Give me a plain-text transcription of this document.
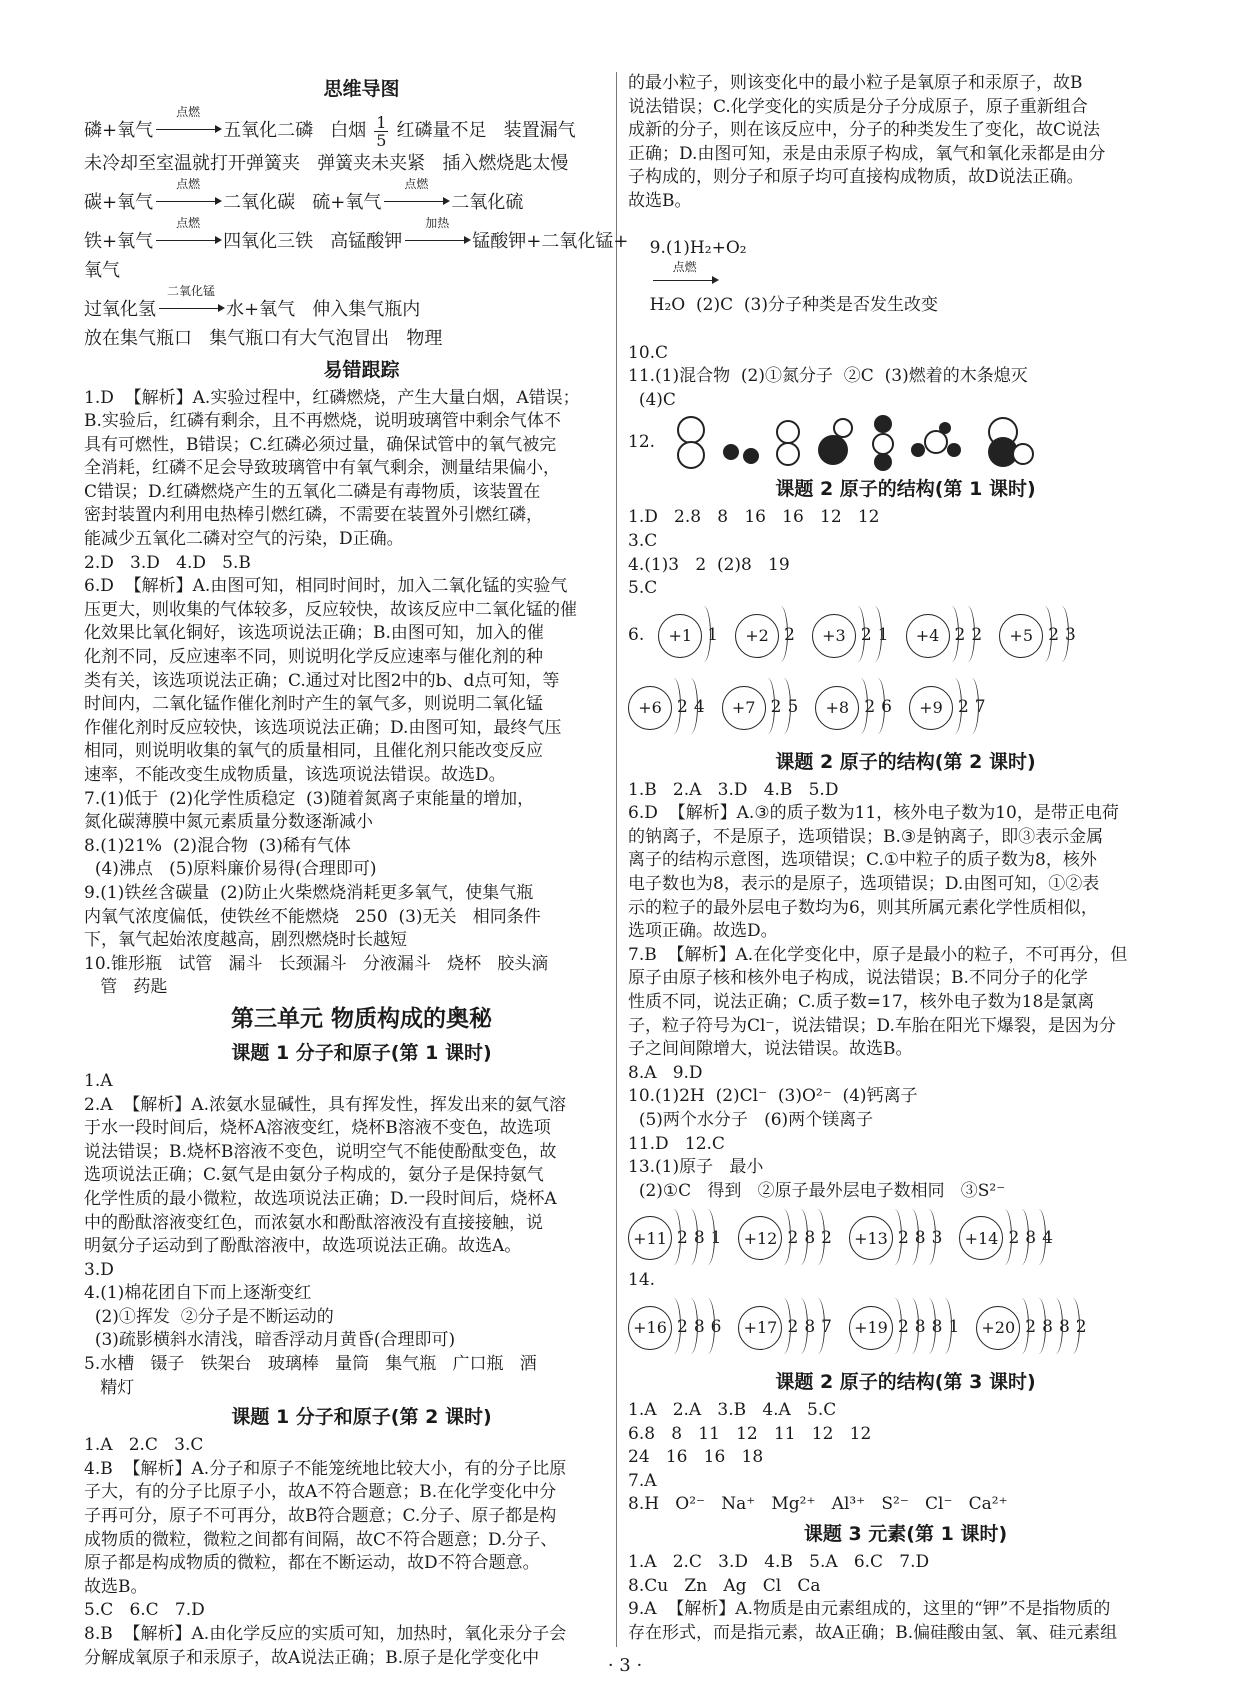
思维导图

磷+氧气
点燃
五氧化二磷   白烟 $\frac{1}{5}$ 红磷量不足   装置漏气

未冷却至室温就打开弹簧夹   弹簧夹未夹紧   插入燃烧匙太慢

碳+氧气
点燃
二氧化碳   硫+氧气
点燃
二氧化硫

铁+氧气
点燃
四氧化三铁   高锰酸钾
加热
锰酸钾+二氧化锰+

氧气

过氧化氢
二氧化锰
水+氧气   伸入集气瓶内

放在集气瓶口   集气瓶口有大气泡冒出   物理

易错跟踪

1.D  【解析】A.实验过程中，红磷燃烧，产生大量白烟，A错误；

B.实验后，红磷有剩余，且不再燃烧，说明玻璃管中剩余气体不

具有可燃性，B错误；C.红磷必须过量，确保试管中的氧气被完

全消耗，红磷不足会导致玻璃管中有氧气剩余，测量结果偏小，

C错误；D.红磷燃烧产生的五氧化二磷是有毒物质，该装置在

密封装置内利用电热棒引燃红磷，不需要在装置外引燃红磷，

能减少五氧化二磷对空气的污染，D正确。

2.D   3.D   4.D   5.B

6.D  【解析】A.由图可知，相同时间时，加入二氧化锰的实验气

压更大，则收集的气体较多，反应较快，故该反应中二氧化锰的催

化效果比氧化铜好，该选项说法正确；B.由图可知，加入的催

化剂不同，反应速率不同，则说明化学反应速率与催化剂的种

类有关，该选项说法正确；C.通过对比图2中的b、d点可知，等

时间内，二氧化锰作催化剂时产生的氧气多，则说明二氧化锰

作催化剂时反应较快，该选项说法正确；D.由图可知，最终气压

相同，则说明收集的氧气的质量相同，且催化剂只能改变反应

速率，不能改变生成物质量，该选项说法错误。故选D。

7.(1)低于  (2)化学性质稳定  (3)随着氮离子束能量的增加，

氮化碳薄膜中氮元素质量分数逐渐减小

8.(1)21%  (2)混合物  (3)稀有气体

(4)沸点   (5)原料廉价易得(合理即可)

9.(1)铁丝含碳量  (2)防止火柴燃烧消耗更多氧气，使集气瓶

内氧气浓度偏低，使铁丝不能燃烧   250  (3)无关   相同条件

下，氧气起始浓度越高，剧烈燃烧时长越短

10.锥形瓶   试管   漏斗   长颈漏斗   分液漏斗   烧杯   胶头滴

管   药匙

第三单元 物质构成的奥秘
课题 1 分子和原子(第 1 课时)

1.A

2.A  【解析】A.浓氨水显碱性，具有挥发性，挥发出来的氨气溶

于水一段时间后，烧杯A溶液变红，烧杯B溶液不变色，故选项

说法错误；B.烧杯B溶液不变色，说明空气不能使酚酞变色，故

选项说法正确；C.氨气是由氨分子构成的，氨分子是保持氨气

化学性质的最小微粒，故选项说法正确；D.一段时间后，烧杯A

中的酚酞溶液变红色，而浓氨水和酚酞溶液没有直接接触，说

明氨分子运动到了酚酞溶液中，故选项说法正确。故选A。

3.D

4.(1)棉花团自下而上逐渐变红

(2)①挥发  ②分子是不断运动的

(3)疏影横斜水清浅，暗香浮动月黄昏(合理即可)

5.水槽   镊子   铁架台   玻璃棒   量筒   集气瓶   广口瓶   酒

精灯

课题 1 分子和原子(第 2 课时)

1.A   2.C   3.C

4.B  【解析】A.分子和原子不能笼统地比较大小，有的分子比原

子大，有的分子比原子小，故A不符合题意；B.在化学变化中分

子再可分，原子不可再分，故B符合题意；C.分子、原子都是构

成物质的微粒，微粒之间都有间隔，故C不符合题意；D.分子、

原子都是构成物质的微粒，都在不断运动，故D不符合题意。

故选B。

5.C   6.C   7.D

8.B  【解析】A.由化学反应的实质可知，加热时，氧化汞分子会

分解成氧原子和汞原子，故A说法正确；B.原子是化学变化中

的最小粒子，则该变化中的最小粒子是氧原子和汞原子，故B

说法错误；C.化学变化的实质是分子分成原子，原子重新组合

成新的分子，则在该反应中，分子的种类发生了变化，故C说法

正确；D.由图可知，汞是由汞原子构成，氧气和氧化汞都是由分

子构成的，则分子和原子均可直接构成物质，故D说法正确。

故选B。

9.(1)H₂+O₂

点燃

H₂O  (2)C  (3)分子种类是否发生改变

10.C

11.(1)混合物  (2)①氮分子  ②C  (3)燃着的木条熄灭

(4)C

12.
课题 2 原子的结构(第 1 课时)

1.D   2.8   8   16   16   12   12

3.C

4.(1)3   2  (2)8   19

5.C

6.	+1 1	+2 2	+3 2 1	+4 2 2	+5 2 3
+6 2 4	+7 2 5	+8 2 6	+9 2 7
课题 2 原子的结构(第 2 课时)

1.B   2.A   3.D   4.B   5.D

6.D  【解析】A.③的质子数为11，核外电子数为10，是带正电荷

的钠离子，不是原子，选项错误；B.③是钠离子，即③表示金属

离子的结构示意图，选项错误；C.①中粒子的质子数为8，核外

电子数也为8，表示的是原子，选项错误；D.由图可知，①②表

示的粒子的最外层电子数均为6，则其所属元素化学性质相似，

选项正确。故选D。

7.B  【解析】A.在化学变化中，原子是最小的粒子，不可再分，但

原子由原子核和核外电子构成，说法错误；B.不同分子的化学

性质不同，说法正确；C.质子数=17，核外电子数为18是氯离

子，粒子符号为Cl⁻，说法错误；D.车胎在阳光下爆裂，是因为分

子之间间隙增大，说法错误。故选B。

8.A   9.D

10.(1)2H  (2)Cl⁻  (3)O²⁻  (4)钙离子

(5)两个水分子   (6)两个镁离子

11.D   12.C

13.(1)原子   最小

(2)①C   得到   ②原子最外层电子数相同   ③S²⁻

+11 2 8 1	+12 2 8 2	+13 2 8 3	+14 2 8 4

14.

+16 2 8 6	+17 2 8 7	+19 2 8 8 1	+20 2 8 8 2
课题 2 原子的结构(第 3 课时)

1.A   2.A   3.B   4.A   5.C

6.8   8   11   12   11   12   12

24   16   16   18

7.A

8.H   O²⁻   Na⁺   Mg²⁺   Al³⁺   S²⁻   Cl⁻   Ca²⁺

课题 3 元素(第 1 课时)

1.A   2.C   3.D   4.B   5.A   6.C   7.D

8.Cu   Zn   Ag   Cl   Ca

9.A  【解析】A.物质是由元素组成的，这里的“钾”不是指物质的

存在形式，而是指元素，故A正确；B.偏硅酸由氢、氧、硅元素组

· 3 ·
